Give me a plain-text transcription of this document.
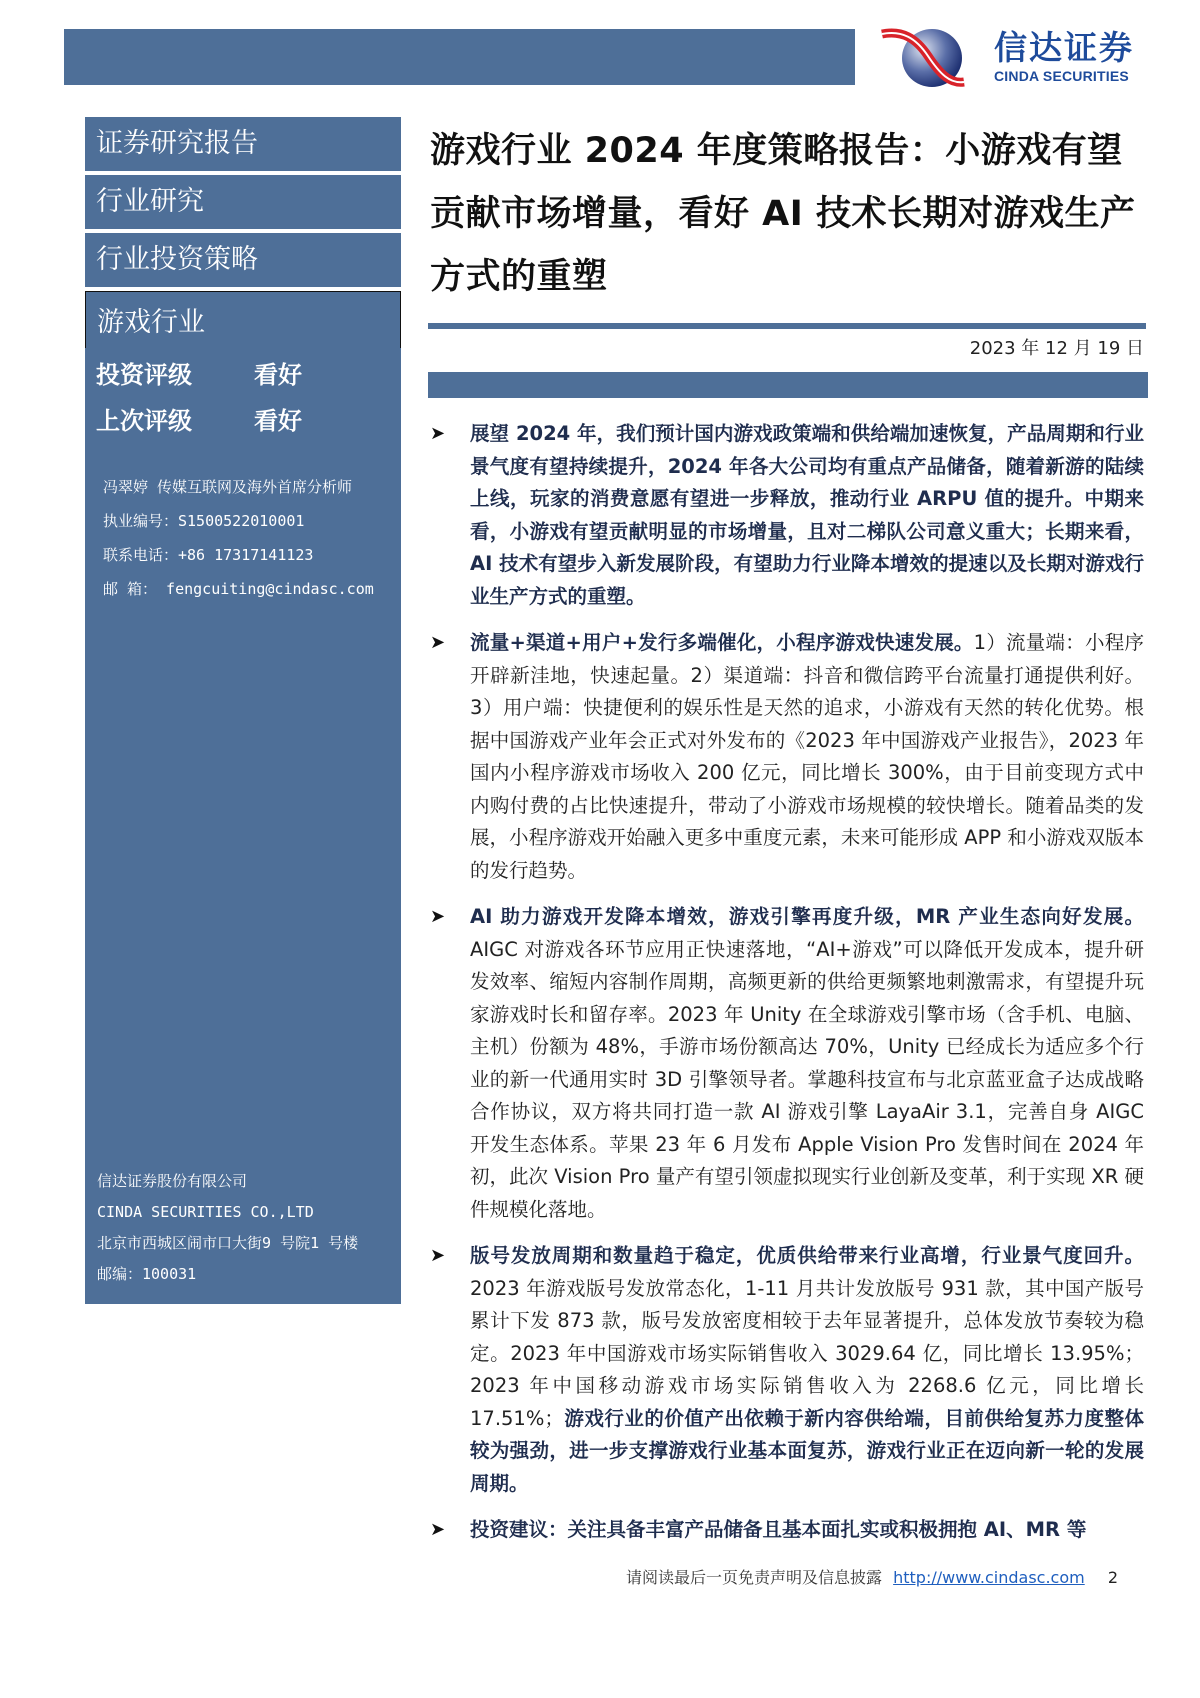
信达证券
CINDA SECURITIES
证券研究报告
行业研究
行业投资策略
游戏行业
投资评级	看好
上次评级	看好
冯翠婷 传媒互联网及海外首席分析师
执业编号：S1500522010001
联系电话：+86 17317141123
邮 箱： fengcuiting@cindasc.com
信达证券股份有限公司
CINDA SECURITIES CO.,LTD
北京市西城区闹市口大街9 号院1 号楼
邮编：100031
游戏行业 2024 年度策略报告：小游戏有望贡献市场增量，看好 AI 技术长期对游戏生产方式的重塑
2023 年 12 月 19 日
➤ 展望 2024 年，我们预计国内游戏政策端和供给端加速恢复，产品周期和行业景气度有望持续提升，2024 年各大公司均有重点产品储备，随着新游的陆续上线，玩家的消费意愿有望进一步释放，推动行业 ARPU 值的提升。中期来看，小游戏有望贡献明显的市场增量，且对二梯队公司意义重大；长期来看，AI 技术有望步入新发展阶段，有望助力行业降本增效的提速以及长期对游戏行业生产方式的重塑。
➤ 流量+渠道+用户+发行多端催化，小程序游戏快速发展。1）流量端：小程序开辟新洼地，快速起量。2）渠道端：抖音和微信跨平台流量打通提供利好。3）用户端：快捷便利的娱乐性是天然的追求，小游戏有天然的转化优势。根据中国游戏产业年会正式对外发布的《2023 年中国游戏产业报告》，2023 年国内小程序游戏市场收入 200 亿元，同比增长 300%，由于目前变现方式中内购付费的占比快速提升，带动了小游戏市场规模的较快增长。随着品类的发展，小程序游戏开始融入更多中重度元素，未来可能形成 APP 和小游戏双版本的发行趋势。
➤ AI 助力游戏开发降本增效，游戏引擎再度升级，MR 产业生态向好发展。AIGC 对游戏各环节应用正快速落地，“AI+游戏”可以降低开发成本，提升研发效率、缩短内容制作周期，高频更新的供给更频繁地刺激需求，有望提升玩家游戏时长和留存率。2023 年 Unity 在全球游戏引擎市场（含手机、电脑、主机）份额为 48%，手游市场份额高达 70%，Unity 已经成长为适应多个行业的新一代通用实时 3D 引擎领导者。掌趣科技宣布与北京蓝亚盒子达成战略合作协议，双方将共同打造一款 AI 游戏引擎 LayaAir 3.1，完善自身 AIGC 开发生态体系。苹果 23 年 6 月发布 Apple Vision Pro 发售时间在 2024 年初，此次 Vision Pro 量产有望引领虚拟现实行业创新及变革，利于实现 XR 硬件规模化落地。
➤ 版号发放周期和数量趋于稳定，优质供给带来行业高增，行业景气度回升。2023 年游戏版号发放常态化，1-11 月共计发放版号 931 款，其中国产版号累计下发 873 款，版号发放密度相较于去年显著提升，总体发放节奏较为稳定。2023 年中国游戏市场实际销售收入 3029.64 亿，同比增长 13.95%；2023 年中国移动游戏市场实际销售收入为 2268.6 亿元，同比增长 17.51%；游戏行业的价值产出依赖于新内容供给端，目前供给复苏力度整体较为强劲，进一步支撑游戏行业基本面复苏，游戏行业正在迈向新一轮的发展周期。
➤ 投资建议：关注具备丰富产品储备且基本面扎实或积极拥抱 AI、MR 等
请阅读最后一页免责声明及信息披露 http://www.cindasc.com 2
